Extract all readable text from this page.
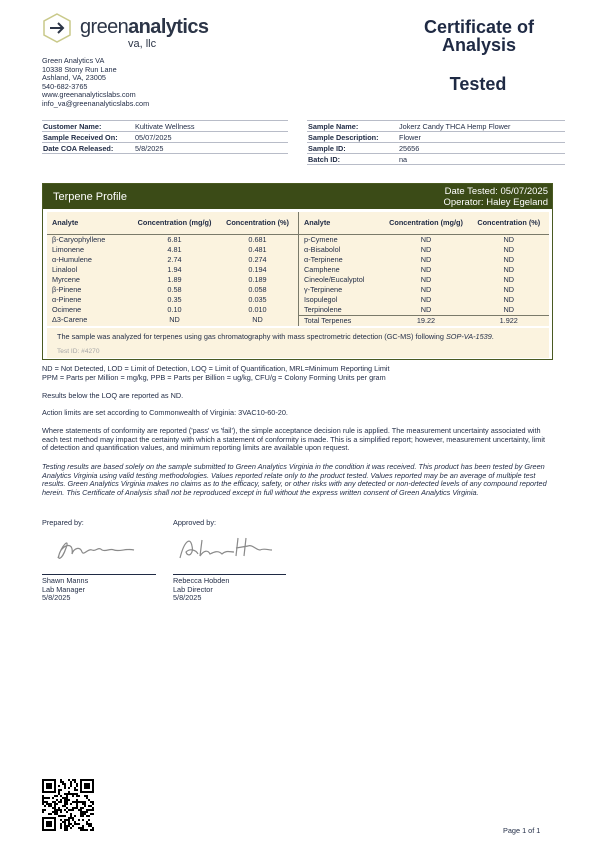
greenanalytics
va, llc
Certificate of
Analysis
Tested
Green Analytics VA
10338 Stony Run Lane
Ashland, VA, 23005
540-682-3765
www.greenanalyticslabs.com
info_va@greenanalyticslabs.com
Customer Name:	Kultivate Wellness
Sample Received On:	05/07/2025
Date COA Released:	5/8/2025
Sample Name:	Jokerz Candy THCA Hemp Flower
Sample Description:	Flower
Sample ID:	25656
Batch ID:	na
Terpene Profile	Date Tested: 05/07/2025
Operator: Haley Egeland
Analyte	Concentration (mg/g)	Concentration (%)
β-Caryophyllene	6.81	0.681
Limonene	4.81	0.481
α-Humulene	2.74	0.274
Linalool	1.94	0.194
Myrcene	1.89	0.189
β-Pinene	0.58	0.058
α-Pinene	0.35	0.035
Ocimene	0.10	0.010
Δ3-Carene	ND	ND
Analyte	Concentration (mg/g)	Concentration (%)
p-Cymene	ND	ND
α-Bisabolol	ND	ND
α-Terpinene	ND	ND
Camphene	ND	ND
Cineole/Eucalyptol	ND	ND
γ-Terpinene	ND	ND
Isopulegol	ND	ND
Terpinolene	ND	ND
Total Terpenes	19.22	1.922
The sample was analyzed for terpenes using gas chromatography with mass spectrometric detection (GC-MS) following SOP-VA-1539.
Test ID: #4270
ND = Not Detected, LOD = Limit of Detection, LOQ = Limit of Quantification, MRL=Minimum Reporting Limit
PPM = Parts per Million = mg/kg, PPB = Parts per Billion = ug/kg, CFU/g = Colony Forming Units per gram
Results below the LOQ are reported as ND.
Action limits are set according to Commonwealth of Virginia: 3VAC10-60-20.
Where statements of conformity are reported ('pass' vs 'fail'), the simple acceptance decision rule is applied. The measurement uncertainty associated with each test method may impact the certainty with which a statement of conformity is made. This is a simplified report; however, measurement uncertainty, limit of detection and quantification values, and minimum reporting limits are available upon request.
Testing results are based solely on the sample submitted to Green Analytics Virginia in the condition it was received. This product has been tested by Green Analytics Virginia using valid testing methodologies. Values reported relate only to the product tested. Values reported may be an average of multiple test results. Green Analytics Virginia makes no claims as to the efficacy, safety, or other risks with any detected or non-detected levels of any compound reported herein. This Certificate of Analysis shall not be reproduced except in full without the express written consent of Green Analytics Virginia.
Prepared by:	Approved by:
Shawn Manns
Lab Manager
5/8/2025
Rebecca Hobden
Lab Director
5/8/2025
Page 1 of 1
